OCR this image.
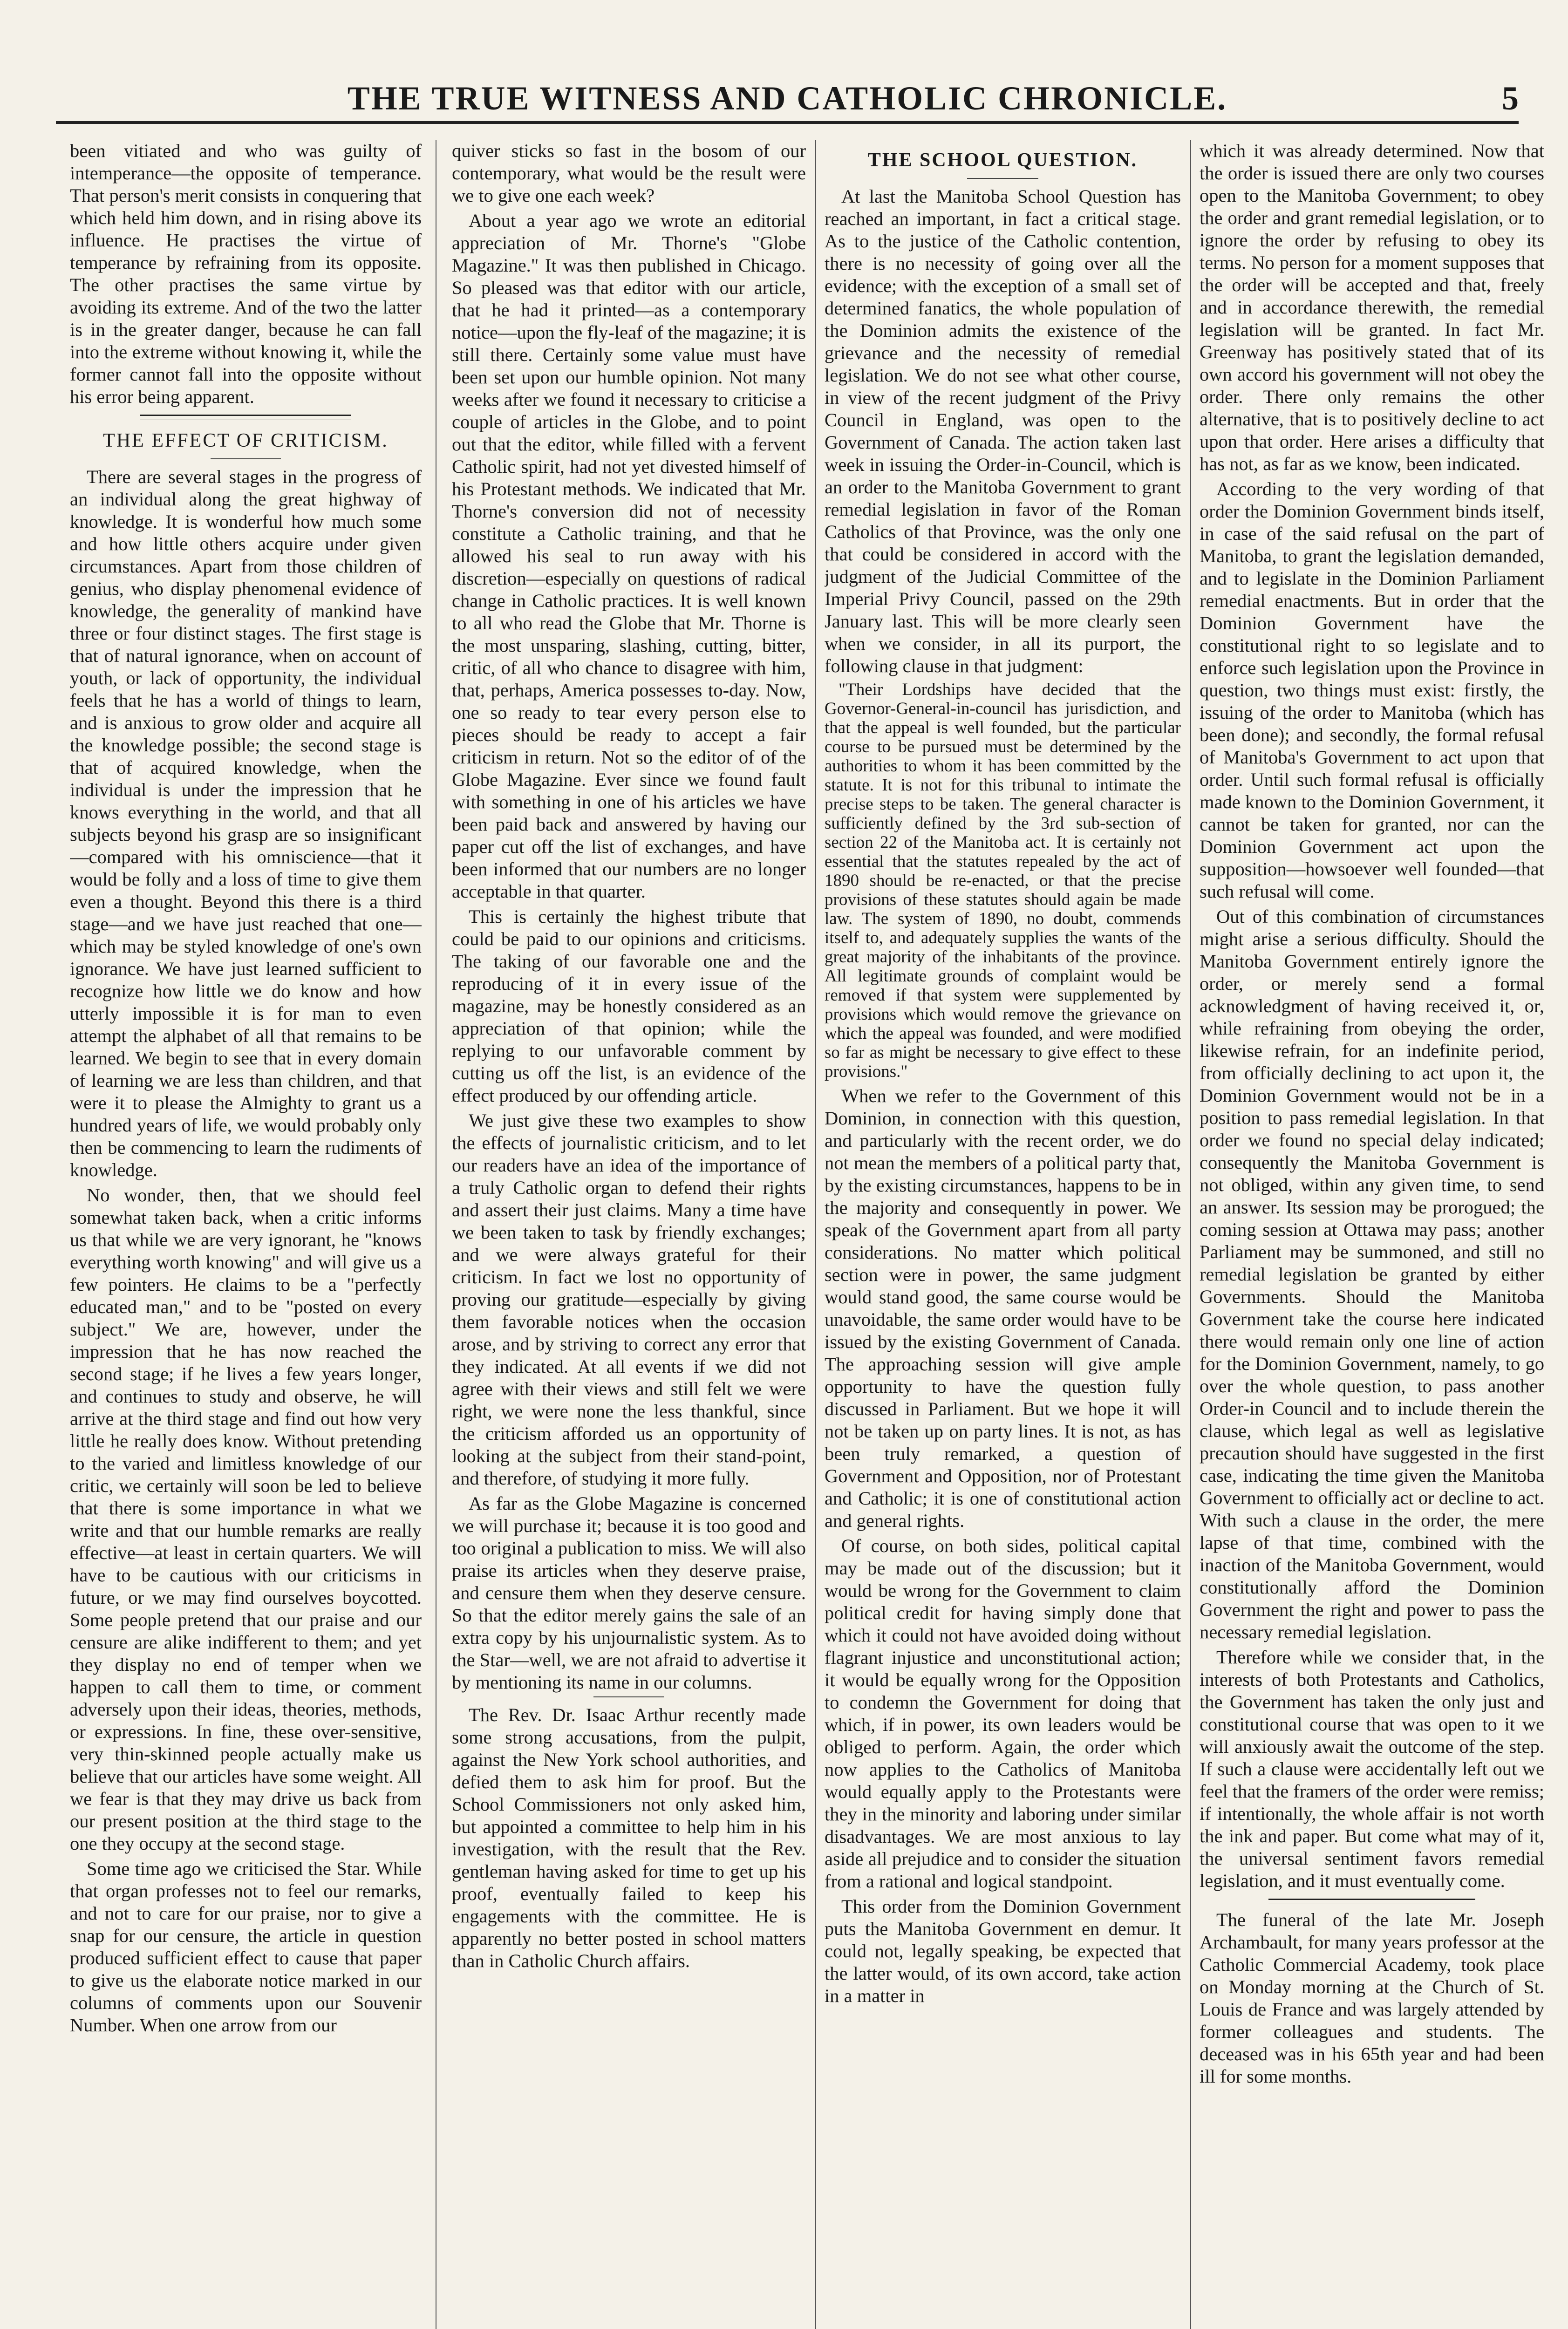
THE TRUE WITNESS AND CATHOLIC CHRONICLE.	5

been vitiated and who was guilty of intemperance—the opposite of temperance. That person's merit consists in conquering that which held him down, and in rising above its influence. He practises the virtue of temperance by refraining from its opposite. The other practises the same virtue by avoiding its extreme. And of the two the latter is in the greater danger, because he can fall into the extreme without knowing it, while the former cannot fall into the opposite without his error being apparent.

THE EFFECT OF CRITICISM.

There are several stages in the progress of an individual along the great highway of knowledge. It is wonderful how much some and how little others acquire under given circumstances. Apart from those children of genius, who display phenomenal evidence of knowledge, the generality of mankind have three or four distinct stages. The first stage is that of natural ignorance, when on account of youth, or lack of opportunity, the individual feels that he has a world of things to learn, and is anxious to grow older and acquire all the knowledge possible; the second stage is that of acquired knowledge, when the individual is under the impression that he knows everything in the world, and that all subjects beyond his grasp are so insignificant—compared with his omniscience—that it would be folly and a loss of time to give them even a thought. Beyond this there is a third stage—and we have just reached that one—which may be styled knowledge of one's own ignorance. We have just learned sufficient to recognize how little we do know and how utterly impossible it is for man to even attempt the alphabet of all that remains to be learned. We begin to see that in every domain of learning we are less than children, and that were it to please the Almighty to grant us a hundred years of life, we would probably only then be commencing to learn the rudiments of knowledge.

No wonder, then, that we should feel somewhat taken back, when a critic informs us that while we are very ignorant, he "knows everything worth knowing" and will give us a few pointers. He claims to be a "perfectly educated man," and to be "posted on every subject." We are, however, under the impression that he has now reached the second stage; if he lives a few years longer, and continues to study and observe, he will arrive at the third stage and find out how very little he really does know. Without pretending to the varied and limitless knowledge of our critic, we certainly will soon be led to believe that there is some importance in what we write and that our humble remarks are really effective—at least in certain quarters. We will have to be cautious with our criticisms in future, or we may find ourselves boycotted. Some people pretend that our praise and our censure are alike indifferent to them; and yet they display no end of temper when we happen to call them to time, or comment adversely upon their ideas, theories, methods, or expressions. In fine, these over-sensitive, very thin-skinned people actually make us believe that our articles have some weight. All we fear is that they may drive us back from our present position at the third stage to the one they occupy at the second stage.

Some time ago we criticised the Star. While that organ professes not to feel our remarks, and not to care for our praise, nor to give a snap for our censure, the article in question produced sufficient effect to cause that paper to give us the elaborate notice marked in our columns of comments upon our Souvenir Number. When one arrow from our

quiver sticks so fast in the bosom of our contemporary, what would be the result were we to give one each week?

About a year ago we wrote an editorial appreciation of Mr. Thorne's "Globe Magazine." It was then published in Chicago. So pleased was that editor with our article, that he had it printed—as a contemporary notice—upon the fly-leaf of the magazine; it is still there. Certainly some value must have been set upon our humble opinion. Not many weeks after we found it necessary to criticise a couple of articles in the Globe, and to point out that the editor, while filled with a fervent Catholic spirit, had not yet divested himself of his Protestant methods. We indicated that Mr. Thorne's conversion did not of necessity constitute a Catholic training, and that he allowed his seal to run away with his discretion—especially on questions of radical change in Catholic practices. It is well known to all who read the Globe that Mr. Thorne is the most unsparing, slashing, cutting, bitter, critic, of all who chance to disagree with him, that, perhaps, America possesses to-day. Now, one so ready to tear every person else to pieces should be ready to accept a fair criticism in return. Not so the editor of of the Globe Magazine. Ever since we found fault with something in one of his articles we have been paid back and answered by having our paper cut off the list of exchanges, and have been informed that our numbers are no longer acceptable in that quarter.

This is certainly the highest tribute that could be paid to our opinions and criticisms. The taking of our favorable one and the reproducing of it in every issue of the magazine, may be honestly considered as an appreciation of that opinion; while the replying to our unfavorable comment by cutting us off the list, is an evidence of the effect produced by our offending article.

We just give these two examples to show the effects of journalistic criticism, and to let our readers have an idea of the importance of a truly Catholic organ to defend their rights and assert their just claims. Many a time have we been taken to task by friendly exchanges; and we were always grateful for their criticism. In fact we lost no opportunity of proving our gratitude—especially by giving them favorable notices when the occasion arose, and by striving to correct any error that they indicated. At all events if we did not agree with their views and still felt we were right, we were none the less thankful, since the criticism afforded us an opportunity of looking at the subject from their stand-point, and therefore, of studying it more fully.

As far as the Globe Magazine is concerned we will purchase it; because it is too good and too original a publication to miss. We will also praise its articles when they deserve praise, and censure them when they deserve censure. So that the editor merely gains the sale of an extra copy by his unjournalistic system. As to the Star—well, we are not afraid to advertise it by mentioning its name in our columns.

The Rev. Dr. Isaac Arthur recently made some strong accusations, from the pulpit, against the New York school authorities, and defied them to ask him for proof. But the School Commissioners not only asked him, but appointed a committee to help him in his investigation, with the result that the Rev. gentleman having asked for time to get up his proof, eventually failed to keep his engagements with the committee. He is apparently no better posted in school matters than in Catholic Church affairs.

THE SCHOOL QUESTION.

At last the Manitoba School Question has reached an important, in fact a critical stage. As to the justice of the Catholic contention, there is no necessity of going over all the evidence; with the exception of a small set of determined fanatics, the whole population of the Dominion admits the existence of the grievance and the necessity of remedial legislation. We do not see what other course, in view of the recent judgment of the Privy Council in England, was open to the Government of Canada. The action taken last week in issuing the Order-in-Council, which is an order to the Manitoba Government to grant remedial legislation in favor of the Roman Catholics of that Province, was the only one that could be considered in accord with the judgment of the Judicial Committee of the Imperial Privy Council, passed on the 29th January last. This will be more clearly seen when we consider, in all its purport, the following clause in that judgment:

"Their Lordships have decided that the Governor-General-in-council has jurisdiction, and that the appeal is well founded, but the particular course to be pursued must be determined by the authorities to whom it has been committed by the statute. It is not for this tribunal to intimate the precise steps to be taken. The general character is sufficiently defined by the 3rd sub-section of section 22 of the Manitoba act. It is certainly not essential that the statutes repealed by the act of 1890 should be re-enacted, or that the precise provisions of these statutes should again be made law. The system of 1890, no doubt, commends itself to, and adequately supplies the wants of the great majority of the inhabitants of the province. All legitimate grounds of complaint would be removed if that system were supplemented by provisions which would remove the grievance on which the appeal was founded, and were modified so far as might be necessary to give effect to these provisions."

When we refer to the Government of this Dominion, in connection with this question, and particularly with the recent order, we do not mean the members of a political party that, by the existing circumstances, happens to be in the majority and consequently in power. We speak of the Government apart from all party considerations. No matter which political section were in power, the same judgment would stand good, the same course would be unavoidable, the same order would have to be issued by the existing Government of Canada. The approaching session will give ample opportunity to have the question fully discussed in Parliament. But we hope it will not be taken up on party lines. It is not, as has been truly remarked, a question of Government and Opposition, nor of Protestant and Catholic; it is one of constitutional action and general rights.

Of course, on both sides, political capital may be made out of the discussion; but it would be wrong for the Government to claim political credit for having simply done that which it could not have avoided doing without flagrant injustice and unconstitutional action; it would be equally wrong for the Opposition to condemn the Government for doing that which, if in power, its own leaders would be obliged to perform. Again, the order which now applies to the Catholics of Manitoba would equally apply to the Protestants were they in the minority and laboring under similar disadvantages. We are most anxious to lay aside all prejudice and to consider the situation from a rational and logical standpoint.

This order from the Dominion Government puts the Manitoba Government en demur. It could not, legally speaking, be expected that the latter would, of its own accord, take action in a matter in

which it was already determined. Now that the order is issued there are only two courses open to the Manitoba Government; to obey the order and grant remedial legislation, or to ignore the order by refusing to obey its terms. No person for a moment supposes that the order will be accepted and that, freely and in accordance therewith, the remedial legislation will be granted. In fact Mr. Greenway has positively stated that of its own accord his government will not obey the order. There only remains the other alternative, that is to positively decline to act upon that order. Here arises a difficulty that has not, as far as we know, been indicated.

According to the very wording of that order the Dominion Government binds itself, in case of the said refusal on the part of Manitoba, to grant the legislation demanded, and to legislate in the Dominion Parliament remedial enactments. But in order that the Dominion Government have the constitutional right to so legislate and to enforce such legislation upon the Province in question, two things must exist: firstly, the issuing of the order to Manitoba (which has been done); and secondly, the formal refusal of Manitoba's Government to act upon that order. Until such formal refusal is officially made known to the Dominion Government, it cannot be taken for granted, nor can the Dominion Government act upon the supposition—howsoever well founded—that such refusal will come.

Out of this combination of circumstances might arise a serious difficulty. Should the Manitoba Government entirely ignore the order, or merely send a formal acknowledgment of having received it, or, while refraining from obeying the order, likewise refrain, for an indefinite period, from officially declining to act upon it, the Dominion Government would not be in a position to pass remedial legislation. In that order we found no special delay indicated; consequently the Manitoba Government is not obliged, within any given time, to send an answer. Its session may be prorogued; the coming session at Ottawa may pass; another Parliament may be summoned, and still no remedial legislation be granted by either Governments. Should the Manitoba Government take the course here indicated there would remain only one line of action for the Dominion Government, namely, to go over the whole question, to pass another Order-in Council and to include therein the clause, which legal as well as legislative precaution should have suggested in the first case, indicating the time given the Manitoba Government to officially act or decline to act. With such a clause in the order, the mere lapse of that time, combined with the inaction of the Manitoba Government, would constitutionally afford the Dominion Government the right and power to pass the necessary remedial legislation.

Therefore while we consider that, in the interests of both Protestants and Catholics, the Government has taken the only just and constitutional course that was open to it we will anxiously await the outcome of the step. If such a clause were accidentally left out we feel that the framers of the order were remiss; if intentionally, the whole affair is not worth the ink and paper. But come what may of it, the universal sentiment favors remedial legislation, and it must eventually come.

The funeral of the late Mr. Joseph Archambault, for many years professor at the Catholic Commercial Academy, took place on Monday morning at the Church of St. Louis de France and was largely attended by former colleagues and students. The deceased was in his 65th year and had been ill for some months.
